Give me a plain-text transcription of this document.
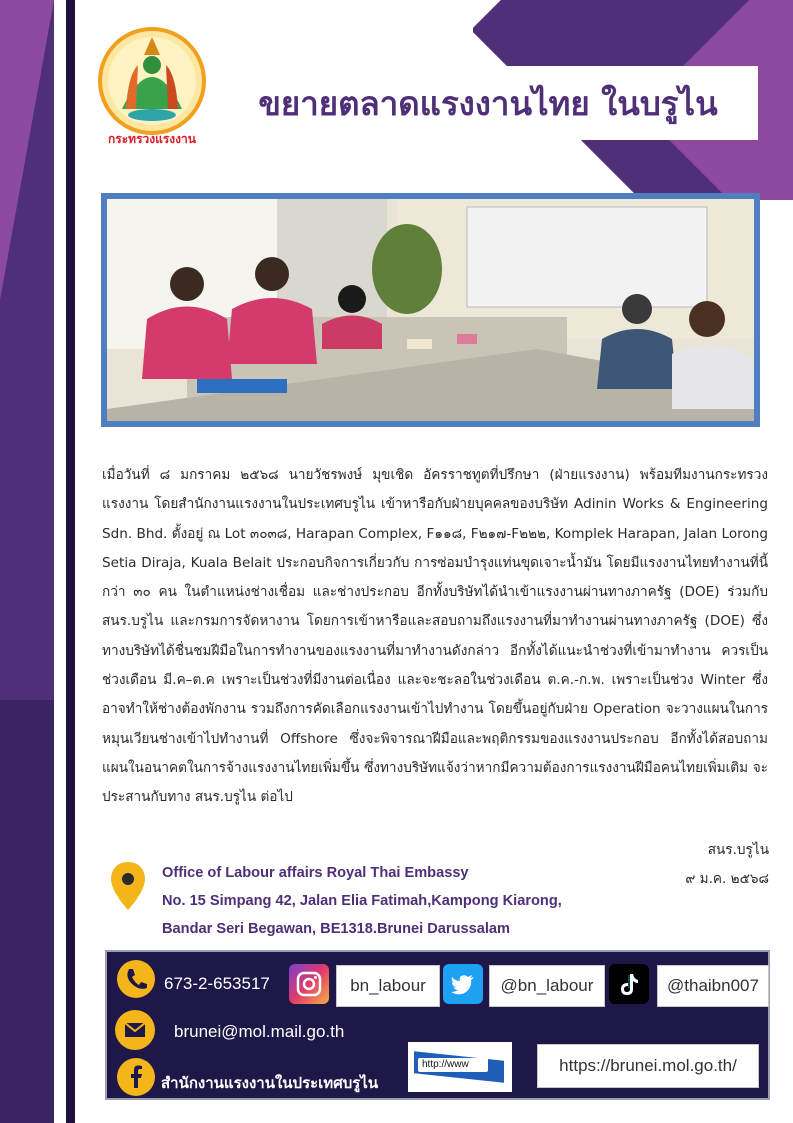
กระทรวงแรงงาน
ขยายตลาดแรงงานไทย ในบรูไน
เมื่อวันที่ ๘ มกราคม ๒๕๖๘ นายวัชรพงษ์ มุขเชิด อัครราชทูตที่ปรึกษา (ฝ่ายแรงงาน) พร้อมทีมงานกระทรวงแรงงาน โดยสำนักงานแรงงานในประเทศบรูไน เข้าหารือกับฝ่ายบุคคลของบริษัท Adinin Works & Engineering Sdn. Bhd. ตั้งอยู่ ณ Lot ๓๐๓๘, Harapan Complex, F๑๑๘, F๒๑๗-F๒๒๒, Komplek Harapan, Jalan Lorong Setia Diraja, Kuala Belait ประกอบกิจการเกี่ยวกับ การซ่อมบำรุงแท่นขุดเจาะน้ำมัน โดยมีแรงงานไทยทำงานที่นี้กว่า ๓๐ คน ในตำแหน่งช่างเชื่อม และช่างประกอบ อีกทั้งบริษัทได้นำเข้าแรงงานผ่านทางภาครัฐ (DOE) ร่วมกับ สนร.บรูไน และกรมการจัดหางาน โดยการเข้าหารือและสอบถามถึงแรงงานที่มาทำงานผ่านทางภาครัฐ (DOE) ซึ่งทางบริษัทได้ชื่นชมฝีมือในการทำงานของแรงงานที่มาทำงานดังกล่าว อีกทั้งได้แนะนำช่วงที่เข้ามาทำงาน ควรเป็นช่วงเดือน มี.ค–ต.ค เพราะเป็นช่วงที่มีงานต่อเนื่อง และจะชะลอในช่วงเดือน ต.ค.-ก.พ. เพราะเป็นช่วง Winter ซึ่งอาจทำให้ช่างต้องพักงาน รวมถึงการคัดเลือกแรงงานเข้าไปทำงาน โดยขึ้นอยู่กับฝ่าย Operation จะวางแผนในการหมุนเวียนช่างเข้าไปทำงานที่ Offshore ซึ่งจะพิจารณาฝีมือและพฤติกรรมของแรงงานประกอบ อีกทั้งได้สอบถามแผนในอนาคตในการจ้างแรงงานไทยเพิ่มขึ้น ซึ่งทางบริษัทแจ้งว่าหากมีความต้องการแรงงานฝีมือคนไทยเพิ่มเติม จะประสานกับทาง สนร.บรูไน ต่อไป
สนร.บรูไน
๙ ม.ค. ๒๕๖๘
Office of Labour affairs Royal Thai Embassy
No. 15 Simpang 42, Jalan Elia Fatimah,Kampong Kiarong,
Bandar Seri Begawan, BE1318.Brunei Darussalam
673-2-653517	bn_labour	@bn_labour	@thaibn007
brunei@mol.mail.go.th
สำนักงานแรงงานในประเทศบรูไน
http://www	https://brunei.mol.go.th/
